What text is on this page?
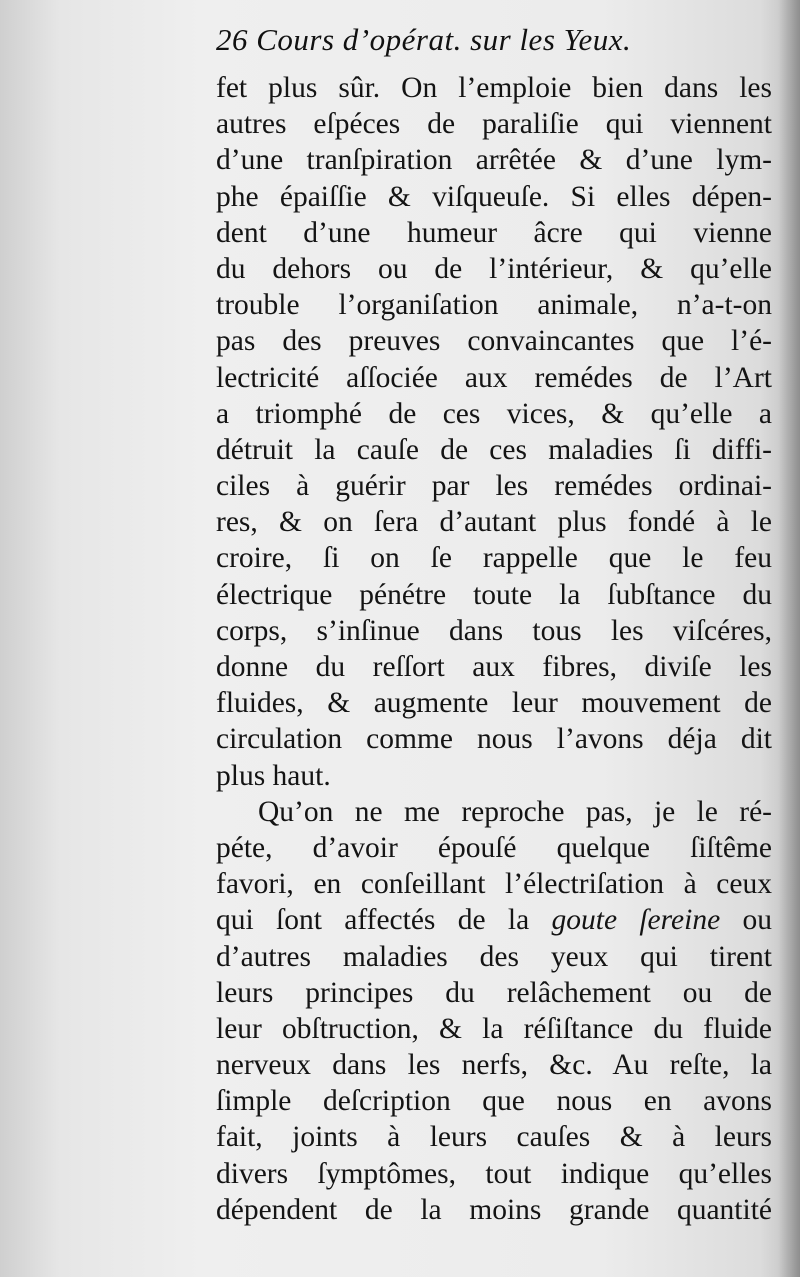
26 Cours d’opérat. sur les Yeux.
fet plus sûr. On l’emploie bien dans les
autres eſpéces de paraliſie qui viennent
d’une tranſpiration arrêtée & d’une lym-
phe épaiſſie & viſqueuſe. Si elles dépen-
dent d’une humeur âcre qui vienne
du dehors ou de l’intérieur, & qu’elle
trouble l’organiſation animale, n’a-t-on
pas des preuves convaincantes que l’é-
lectricité aſſociée aux remédes de l’Art
a triomphé de ces vices, & qu’elle a
détruit la cauſe de ces maladies ſi diffi-
ciles à guérir par les remédes ordinai-
res, & on ſera d’autant plus fondé à le
croire, ſi on ſe rappelle que le feu
électrique pénétre toute la ſubſtance du
corps, s’inſinue dans tous les viſcéres,
donne du reſſort aux fibres, diviſe les
fluides, & augmente leur mouvement de
circulation comme nous l’avons déja dit
plus haut.
Qu’on ne me reproche pas, je le ré-
péte, d’avoir épouſé quelque ſiſtême
favori, en conſeillant l’électriſation à ceux
qui ſont affectés de la goute ſereine ou
d’autres maladies des yeux qui tirent
leurs principes du relâchement ou de
leur obſtruction, & la réſiſtance du fluide
nerveux dans les nerfs, &c. Au reſte, la
ſimple deſcription que nous en avons
fait, joints à leurs cauſes & à leurs
divers ſymptômes, tout indique qu’elles
dépendent de la moins grande quantité
